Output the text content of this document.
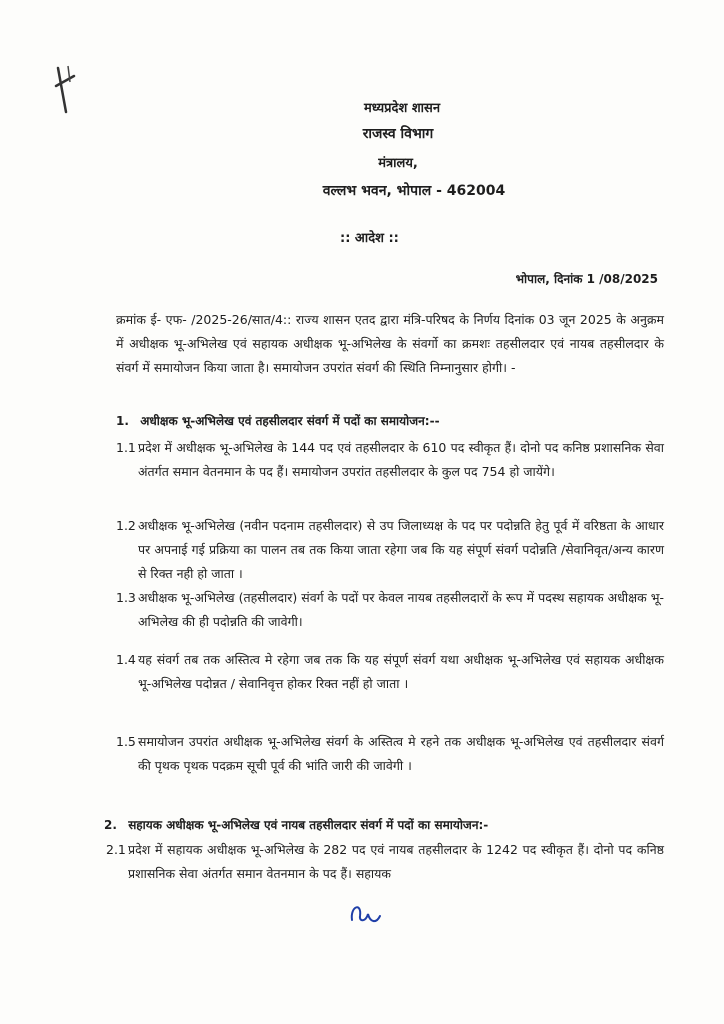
मध्यप्रदेश शासन
राजस्व विभाग
मंत्रालय,
वल्लभ भवन, भोपाल - 462004
:: आदेश ::
भोपाल, दिनांक 1 /08/2025
क्रमांक ई- एफ- /2025-26/सात/4:: राज्य शासन एतद द्वारा मंत्रि-परिषद के निर्णय दिनांक 03 जून 2025 के अनुक्रम में अधीक्षक भू-अभिलेख एवं सहायक अधीक्षक भू-अभिलेख के संवर्गो का क्रमशः तहसीलदार एवं नायब तहसीलदार के संवर्ग में समायोजन किया जाता है। समायोजन उपरांत संवर्ग की स्थिति निम्नानुसार होगी। -
1. अधीक्षक भू-अभिलेख एवं तहसीलदार संवर्ग में पदों का समायोजन:--
1.1 प्रदेश में अधीक्षक भू-अभिलेख के 144 पद एवं तहसीलदार के 610 पद स्वीकृत हैं। दोनो पद कनिष्ठ प्रशासनिक सेवा अंतर्गत समान वेतनमान के पद हैं। समायोजन उपरांत तहसीलदार के कुल पद 754 हो जायेंगे।
1.2 अधीक्षक भू-अभिलेख (नवीन पदनाम तहसीलदार) से उप जिलाध्यक्ष के पद पर पदोन्नति हेतु पूर्व में वरिष्ठता के आधार पर अपनाई गई प्रक्रिया का पालन तब तक किया जाता रहेगा जब कि यह संपूर्ण संवर्ग पदोन्नति /सेवानिवृत/अन्य कारण से रिक्त नही हो जाता ।
1.3 अधीक्षक भू-अभिलेख (तहसीलदार) संवर्ग के पदों पर केवल नायब तहसीलदारों के रूप में पदस्थ सहायक अधीक्षक भू-अभिलेख की ही पदोन्नति की जावेगी।
1.4 यह संवर्ग तब तक अस्तित्व मे रहेगा जब तक कि यह संपूर्ण संवर्ग यथा अधीक्षक भू-अभिलेख एवं सहायक अधीक्षक भू-अभिलेख पदोन्नत / सेवानिवृत्त होकर रिक्त नहीं हो जाता ।
1.5 समायोजन उपरांत अधीक्षक भू-अभिलेख संवर्ग के अस्तित्व मे रहने तक अधीक्षक भू-अभिलेख एवं तहसीलदार संवर्ग की पृथक पृथक पदक्रम सूची पूर्व की भांति जारी की जावेगी ।
2. सहायक अधीक्षक भू-अभिलेख एवं नायब तहसीलदार संवर्ग में पदों का समायोजन:-
2.1 प्रदेश में सहायक अधीक्षक भू-अभिलेख के 282 पद एवं नायब तहसीलदार के 1242 पद स्वीकृत हैं। दोनो पद कनिष्ठ प्रशासनिक सेवा अंतर्गत समान वेतनमान के पद हैं। सहायक
